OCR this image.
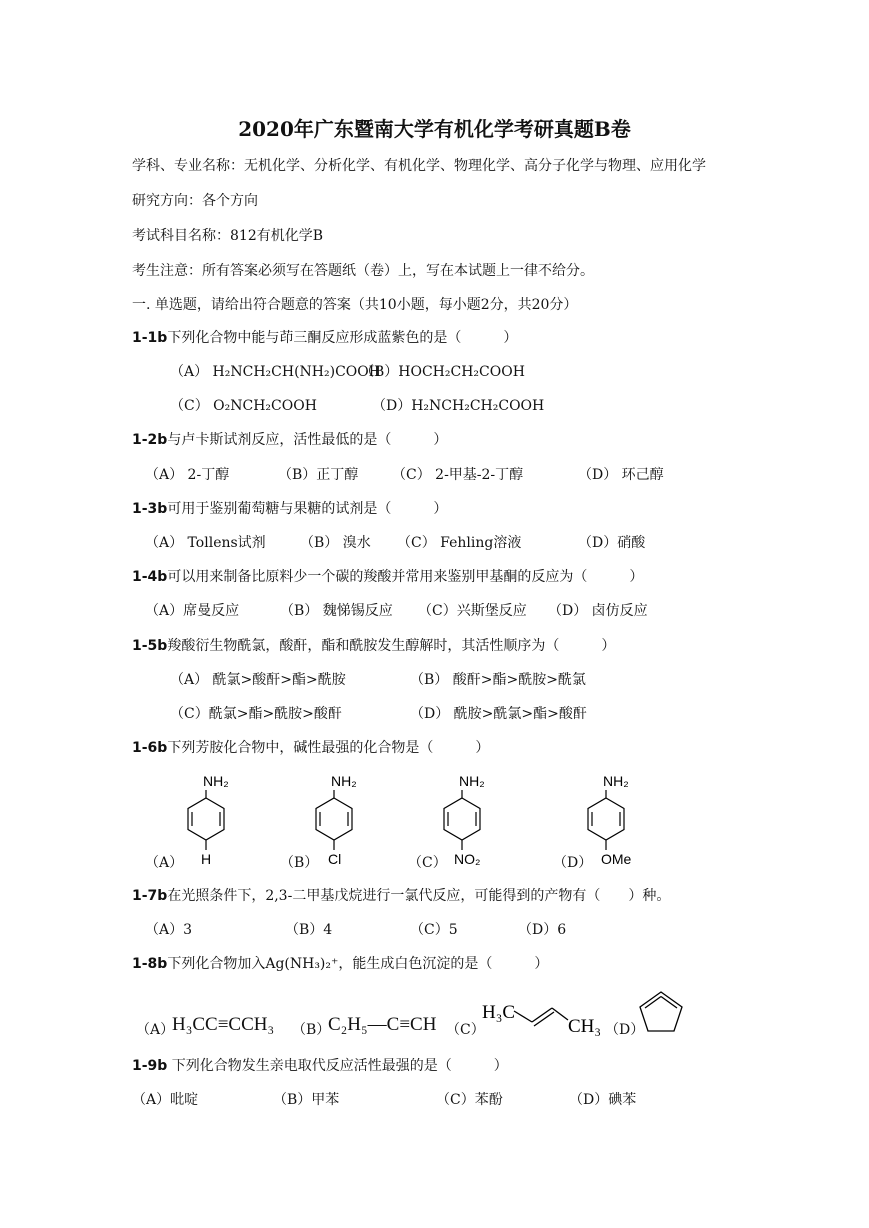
2020年广东暨南大学有机化学考研真题B卷
学科、专业名称：无机化学、分析化学、有机化学、物理化学、高分子化学与物理、应用化学
研究方向：各个方向
考试科目名称：812有机化学B
考生注意：所有答案必须写在答题纸（卷）上，写在本试题上一律不给分。
一. 单选题，请给出符合题意的答案（共10小题，每小题2分，共20分）
1-1b下列化合物中能与茚三酮反应形成蓝紫色的是（　　　）
（A） H₂NCH₂CH(NH₂)COOH
（B）HOCH₂CH₂COOH
（C） O₂NCH₂COOH	（D）H₂NCH₂CH₂COOH
1-2b与卢卡斯试剂反应，活性最低的是（　　　）
（A） 2-丁醇	（B）正丁醇 （C） 2-甲基-2-丁醇	（D） 环己醇
1-3b可用于鉴别葡萄糖与果糖的试剂是（　　　）
（A） Tollens试剂 （B） 溴水 （C） Fehling溶液	（D）硝酸
1-4b可以用来制备比原料少一个碳的羧酸并常用来鉴别甲基酮的反应为（　　　）
（A）席曼反应	（B） 魏悌锡反应 （C）兴斯堡反应 （D） 卤仿反应
1-5b羧酸衍生物酰氯，酸酐，酯和酰胺发生醇解时，其活性顺序为（　　　）
（A） 酰氯>酸酐>酯>酰胺	（B） 酸酐>酯>酰胺>酰氯
（C）酰氯>酯>酰胺>酸酐	（D） 酰胺>酰氯>酯>酸酐
1-6b下列芳胺化合物中，碱性最强的化合物是（　　　）
NH₂
H
NH₂
Cl
NH₂
NO₂
NH₂
OMe
（A）	（B）	（C）	（D）
1-7b在光照条件下，2,3-二甲基戊烷进行一氯代反应，可能得到的产物有（　　）种。
（A）3	（B）4	（C）5	（D）6
1-8b下列化合物加入Ag(NH₃)₂⁺，能生成白色沉淀的是（　　　）
（A）
H₃CC≡CCH₃ （B）
C₂H₅—C≡CH （C）
H₃C
CH₃ （D）
1-9b 下列化合物发生亲电取代反应活性最强的是（　　　）
（A）吡啶	（B）甲苯	（C）苯酚	（D）碘苯
